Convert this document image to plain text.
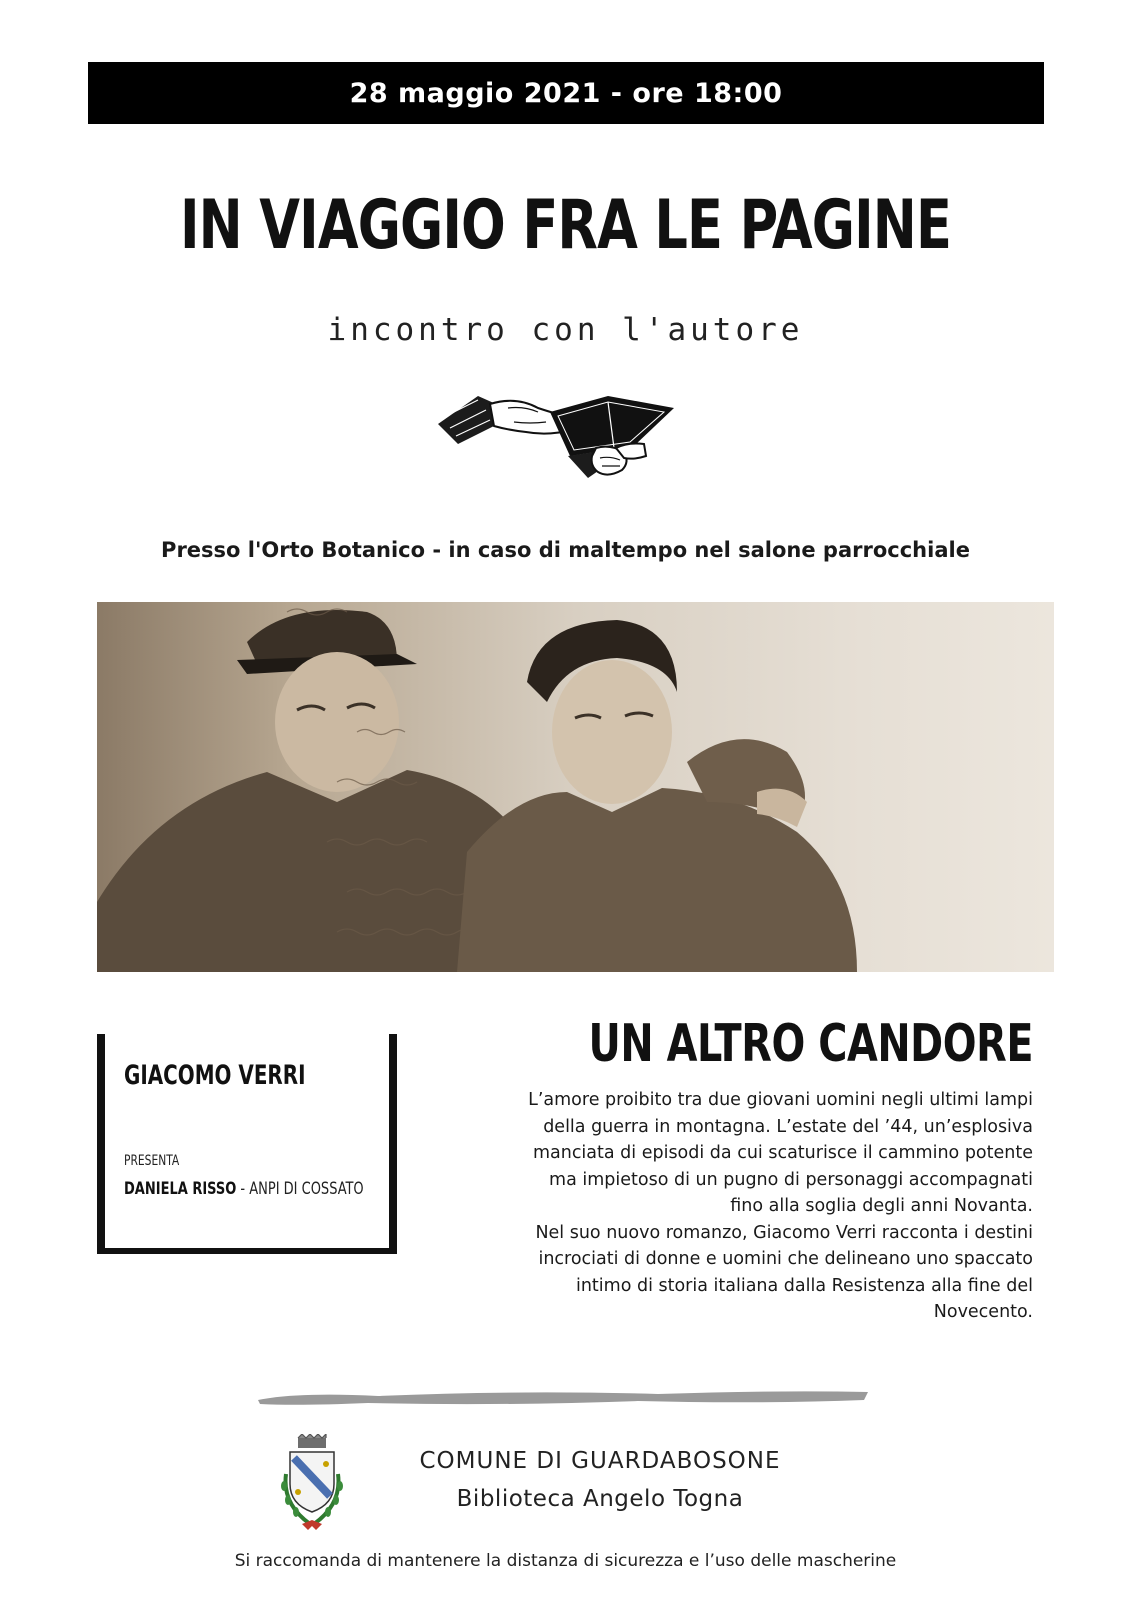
28 maggio 2021 - ore 18:00
IN VIAGGIO FRA LE PAGINE
incontro con l'autore
Presso l'Orto Botanico - in caso di maltempo nel salone parrocchiale
GIACOMO VERRI
PRESENTA
DANIELA RISSO - ANPI DI COSSATO
UN ALTRO CANDORE

L’amore proibito tra due giovani uomini negli ultimi lampi della guerra in montagna. L’estate del ’44, un’esplosiva manciata di episodi da cui scaturisce il cammino potente ma impietoso di un pugno di personaggi accompagnati fino alla soglia degli anni Novanta.

Nel suo nuovo romanzo, Giacomo Verri racconta i destini incrociati di donne e uomini che delineano uno spaccato intimo di storia italiana dalla Resistenza alla fine del Novecento.

COMUNE DI GUARDABOSONE
Biblioteca Angelo Togna
Si raccomanda di mantenere la distanza di sicurezza e l’uso delle mascherine
